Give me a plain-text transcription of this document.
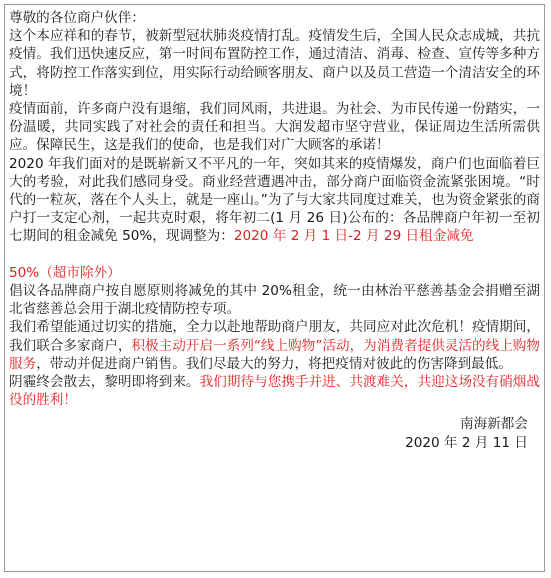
尊敬的各位商户伙伴：

这个本应祥和的春节，被新型冠状肺炎疫情打乱。疫情发生后，全国人民众志成城，共抗疫情。我们迅快速反应，第一时间布置防控工作，通过清洁、消毒、检查、宣传等多种方式，将防控工作落实到位，用实际行动给顾客朋友、商户以及员工营造一个清洁安全的环境！

疫情面前，许多商户没有退缩，我们同风雨，共进退。为社会、为市民传递一份踏实，一份温暖，共同实践了对社会的责任和担当。大润发超市坚守营业，保证周边生活所需供应。保障民生，这是我们的使命，也是我们对广大顾客的承诺！

2020 年我们面对的是既崭新又不平凡的一年，突如其来的疫情爆发，商户们也面临着巨大的考验，对此我们感同身受。商业经营遭遇冲击，部分商户面临资金流紧张困境。“时代的一粒灰，落在个人头上，就是一座山。”为了与大家共同度过难关，也为资金紧张的商户打一支定心剂，一起共克时艰，将年初二(1 月 26 日)公布的：各品牌商户年初一至初七期间的租金减免 50%，现调整为：2020 年 2 月 1 日-2 月 29 日租金减免

50%（超市除外）

倡议各品牌商户按自愿原则将减免的其中 20%租金，统一由林治平慈善基金会捐赠至湖北省慈善总会用于湖北疫情防控专项。

我们希望能通过切实的措施，全力以赴地帮助商户朋友，共同应对此次危机！疫情期间，我们联合多家商户，积极主动开启一系列“线上购物”活动，为消费者提供灵活的线上购物服务，带动并促进商户销售。我们尽最大的努力，将把疫情对彼此的伤害降到最低。

阴霾终会散去，黎明即将到来。我们期待与您携手并进、共渡难关，共迎这场没有硝烟战役的胜利！

南海新都会
2020 年 2 月 11 日
